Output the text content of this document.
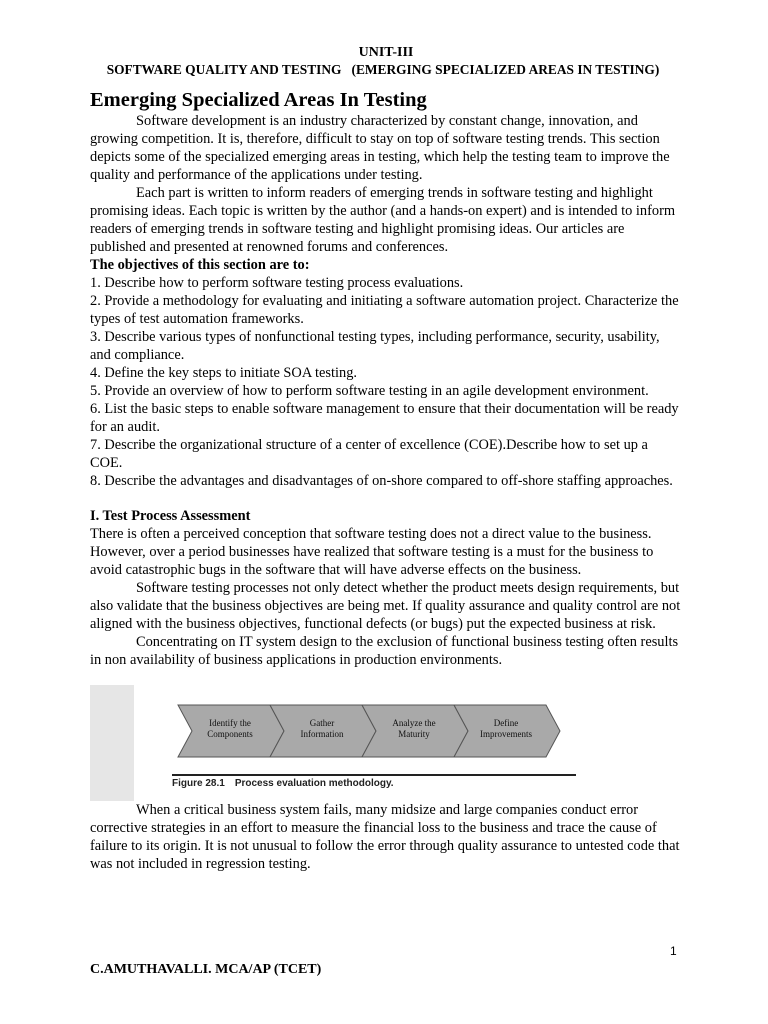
UNIT-III
SOFTWARE QUALITY AND TESTING   (EMERGING SPECIALIZED AREAS IN TESTING)
Emerging Specialized Areas In Testing

Software development is an industry characterized by constant change, innovation, and growing competition. It is, therefore, difficult to stay on top of software testing trends. This section depicts some of the specialized emerging areas in testing, which help the testing team to improve the quality and performance of the applications under testing.

Each part is written to inform readers of emerging trends in software testing and highlight promising ideas. Each topic is written by the author (and a hands-on expert) and is intended to inform readers of emerging trends in software testing and highlight promising ideas. Our articles are published and presented at renowned forums and conferences.

The objectives of this section are to:

1. Describe how to perform software testing process evaluations.

2. Provide a methodology for evaluating and initiating a software automation project. Characterize the types of test automation frameworks.

3. Describe various types of nonfunctional testing types, including performance, security, usability, and compliance.

4. Define the key steps to initiate SOA testing.

5. Provide an overview of how to perform software testing in an agile development environment.

6. List the basic steps to enable software management to ensure that their documentation will be ready for an audit.

7. Describe the organizational structure of a center of excellence (COE).Describe how to set up a COE.

8. Describe the advantages and disadvantages of on-shore compared to off-shore staffing approaches.

I. Test Process Assessment

There is often a perceived conception that software testing does not a direct value to the business. However, over a period businesses have realized that software testing is a must for the business to avoid catastrophic bugs in the software that will have adverse effects on the business.

Software testing processes not only detect whether the product meets design requirements, but also validate that the business objectives are being met. If quality assurance and quality control are not aligned with the business objectives, functional defects (or bugs) put the expected business at risk.

Concentrating on IT system design to the exclusion of functional business testing often results in non availability of business applications in production environments.

Identify the
Components
Gather
Information
Analyze the
Maturity
Define
Improvements
Figure 28.1 Process evaluation methodology.

When a critical business system fails, many midsize and large companies conduct error corrective strategies in an effort to measure the financial loss to the business and trace the cause of failure to its origin. It is not unusual to follow the error through quality assurance to untested code that was not included in regression testing.

1
C.AMUTHAVALLI. MCA/AP (TCET)
